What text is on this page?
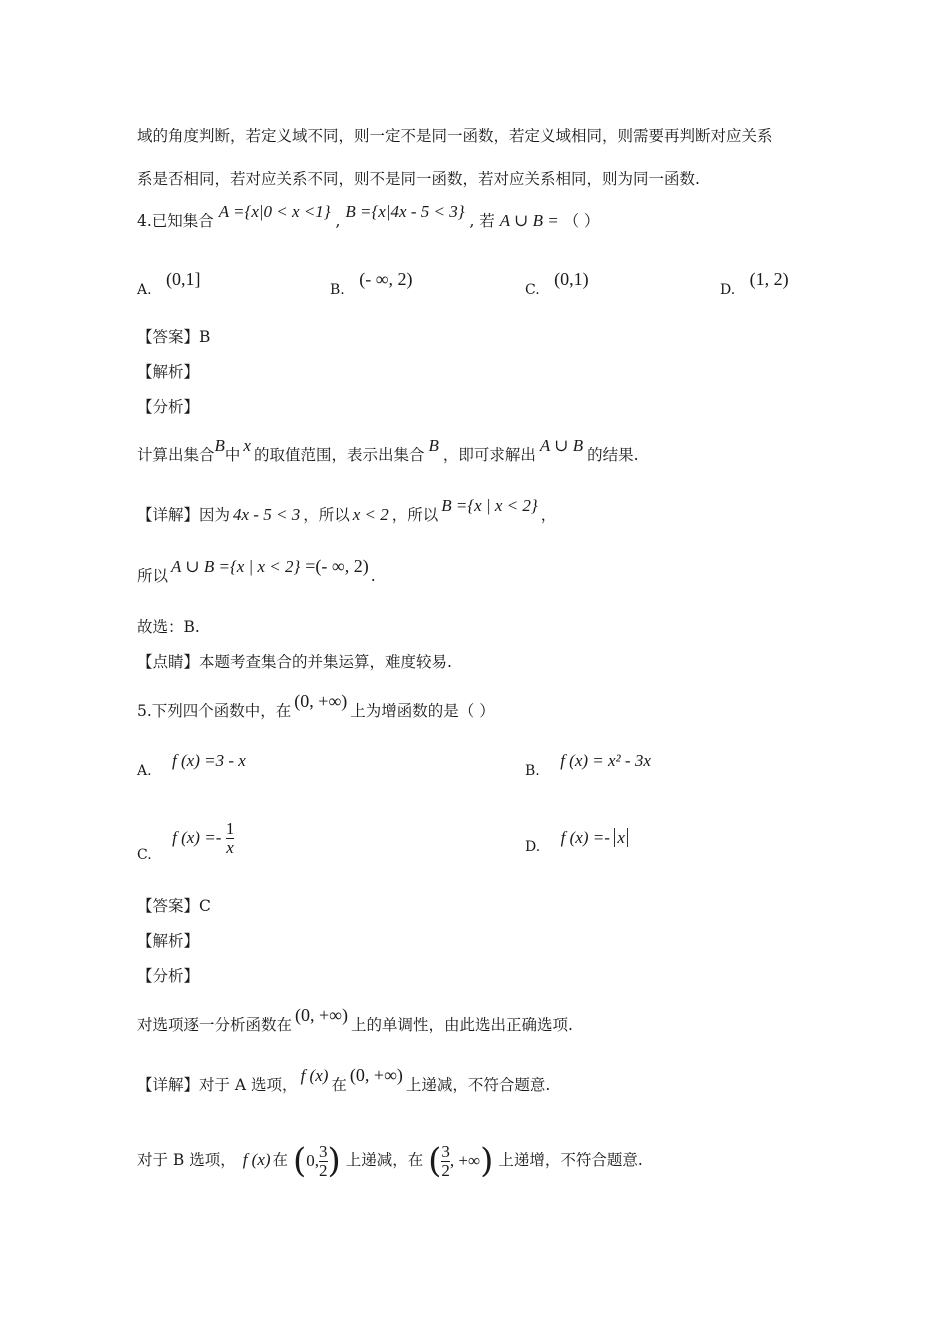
域的角度判断，若定义域不同，则一定不是同一函数，若定义域相同，则需要再判断对应关系
系是否相同，若对应关系不同，则不是同一函数，若对应关系相同，则为同一函数.
4.已知集合 A ={x|0 < x <1} , B ={x|4x - 5 < 3} , 若 A ∪ B = （ ）
A. (0,1]
B. (- ∞, 2)
C. (0,1)
D. (1, 2)
【答案】B
【解析】
【分析】
计算出集合B中 x 的取值范围，表示出集合 B ，即可求解出 A ∪ B 的结果.
【详解】因为 4x - 5 < 3 ，所以 x < 2 ，所以 B ={x | x < 2} ，
所以 A ∪ B ={x | x < 2} =(- ∞, 2) .
故选：B.
【点睛】本题考查集合的并集运算，难度较易.
5.下列四个函数中，在 (0, +∞) 上为增函数的是（ ）
A. f (x) =3 - x
B. f (x) = x² - 3x
C. f $(x) =- \frac{1}{x}$	D. f (x) =- x
【答案】C
【解析】
【分析】
对选项逐一分析函数在 (0, +∞) 上的单调性，由此选出正确选项.
【详解】对于 A 选项， f (x) 在 (0, +∞) 上递减，不符合题意.
对于 B 选项， f (x) 在 ( 0, 3
2 ) 上递减，在 ( 3
2 , +∞ ) 上递增，不符合题意.
